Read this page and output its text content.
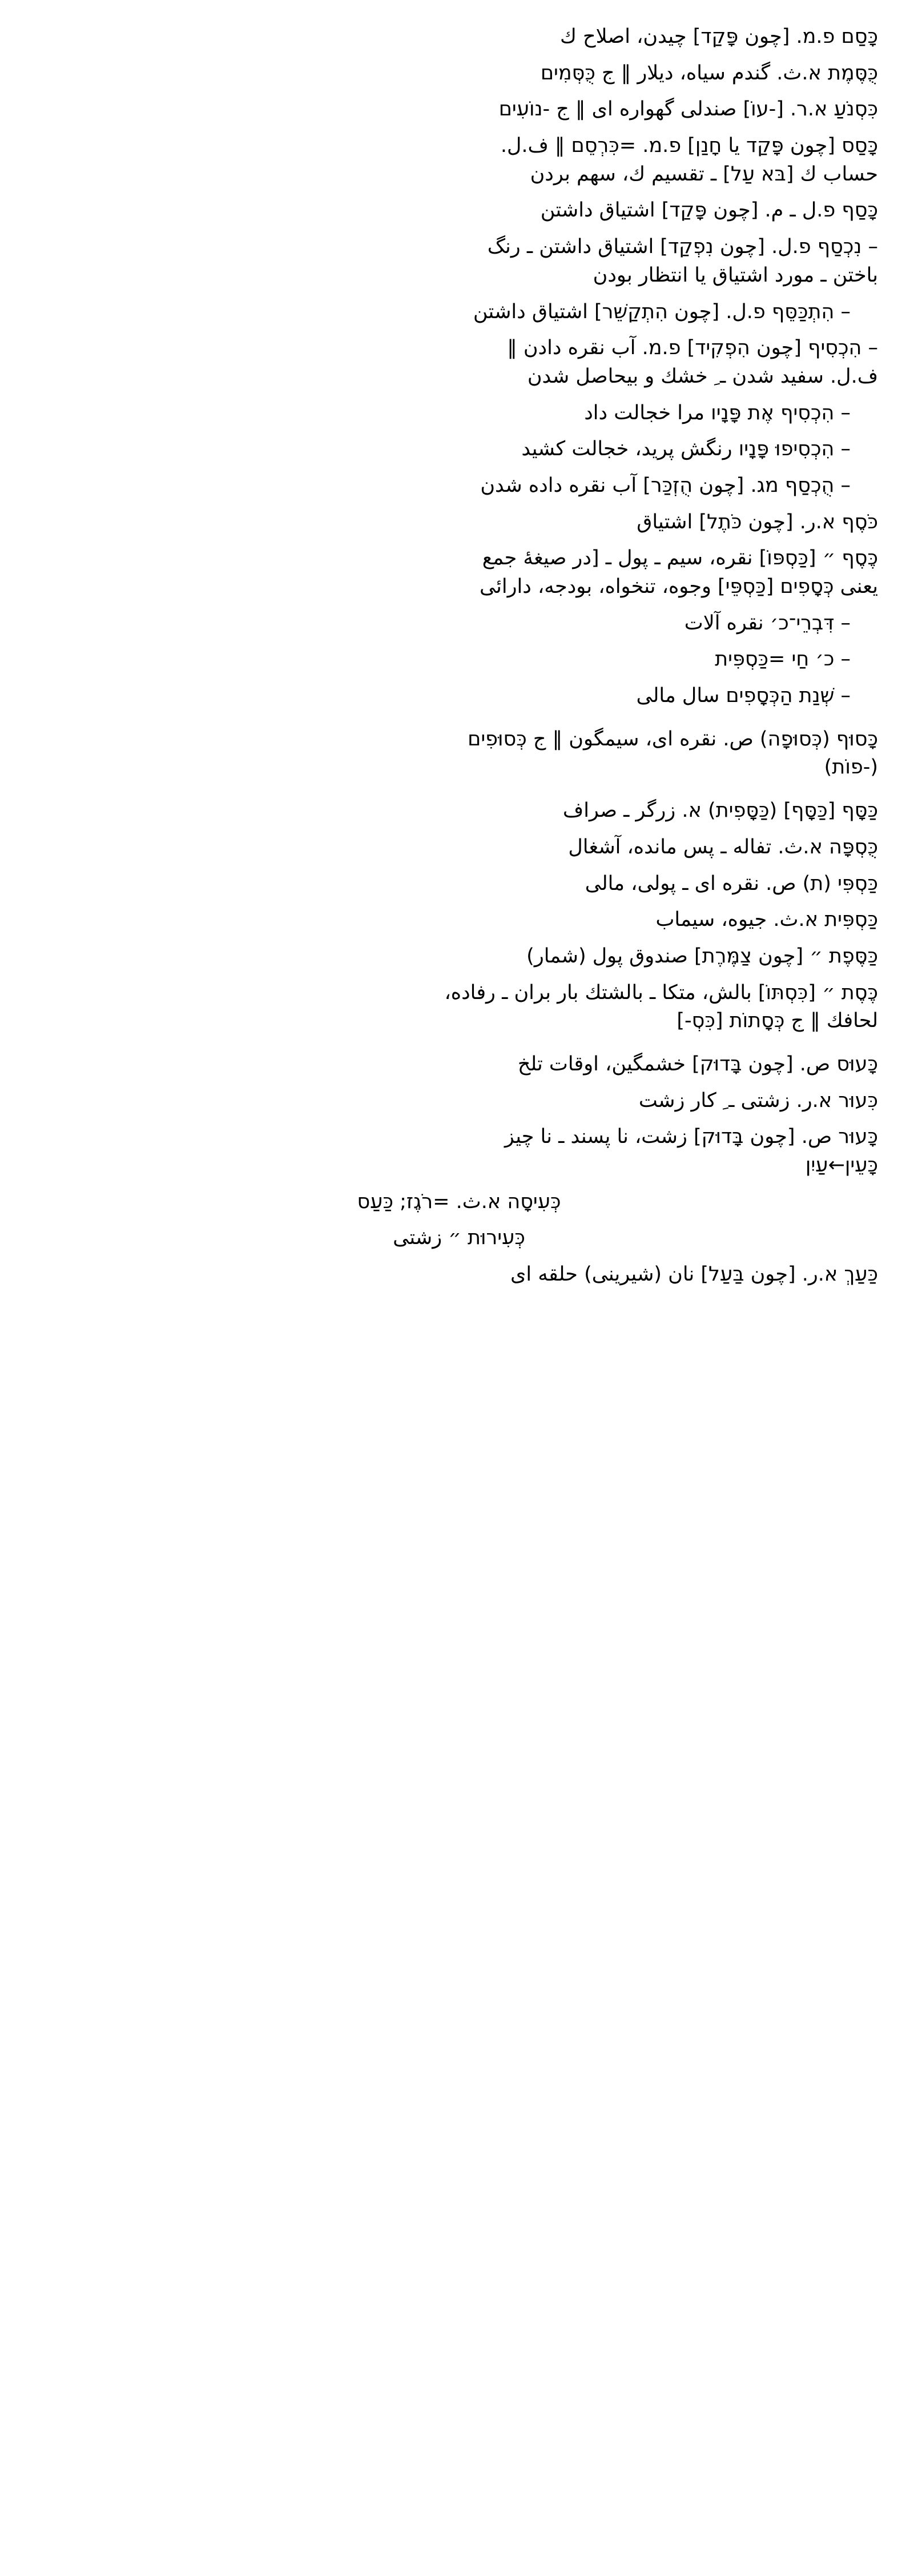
כָּסַם פ.מ. [چون פָּקַד] چیدن، اصلاح ك
כֻּסֶּמֶת א.ث. گندم سیاه، دیلار ‖ ج כֻּסְּמִים
כִּסְנֹעַ א.ר. [-עוֹ] صندلی گهواره ای ‖ ج -נוֹעִים
כָּסַס [چون פָּקַד یا חָנַן] פ.מ. =כִּרְסֵם ‖ ف.ل.
حساب ك [בּא עַל] ـ تقسیم ك، سهم بردن
כָּסַף פ.ل ـ م. [چون פָּקַד] اشتیاق داشتن
– נִכְסַף פ.ل. [چون נִפְקַד] اشتیاق داشتن ـ رنگ
باختن ـ مورد اشتیاق یا انتظار بودن
– הִתְכַּסֵּף פ.ل. [چون הִתְקַשֵּׁר] اشتیاق داشتن
– הִכְסִיף [چون הִפְקִיד] פ.מ. آب نقره دادن ‖
ف.ل. سفید شدن ـ ِ خشك و بیحاصل شدن
– הִכְסִיף אֶת פָּנָיו مرا خجالت داد
– הִכְסִיפוּ פָּנָיו رنگش پرید، خجالت کشید
– הֻכְסַף מג. [چون הֻזְכַּר] آب نقره داده شدن
כֹּסֶף א.ر. [چون כֹּתֶל] اشتیاق
כֶּסֶף ״ [כַּסְפּוֹ] نقره، سیم ـ پول ـ [در صیغهٔ جمع
یعنی כְּסָפִים [כַּסְפֵּי] وجوه، تنخواه، بودجه، دارائی
– דִּבְרֵי־כ׳ نقره آلات
– כ׳ חַי =כַּסְפִּית
– שְׁנַת הַכְּסָפִים سال مالی
כָּסוּף (כְּסוּפָה) ص. نقره ای، سیمگون ‖ ج כְּסוּפִים
(-פוֹת)
כַּסָּף [כַּסָּף] (כַּסָּפִית) א. زرگر ـ صراف
כֻּסְפָּה א.ث. تفاله ـ پس مانده، آشغال
כַּסְפִּי (ת) ص. نقره ای ـ پولی، مالی
כַּסְפִּית א.ث. جیوه، سیماب
כַּסֶּפֶת ״ [چون צַמֶּרֶת] صندوق پول (شمار)
כֶּסֶת ״ [כִּסְתּוֹ] بالش، متكا ـ بالشتك بار بران ـ رفاده،
لحافك ‖ ج כְּסָתוֹת [כִּסְ-]
כָּעוּס ص. [چون בָּדוּק] خشمگین، اوقات تلخ
כִּעוּר א.ر. زشتی ـ ِ كار زشت
כָּעוּר ص. [چون בָּדוּק] زشت، نا پسند ـ نا چیز
כָּעֵין←עַיִן
כְּעִיסָה א.ث. =רֹגֶז; כַּעַס
כְּעִירוּת ״ زشتی
כַּעַךְ א.ر. [چون בַּעַל] نان (شیرینی) حلقه ای
